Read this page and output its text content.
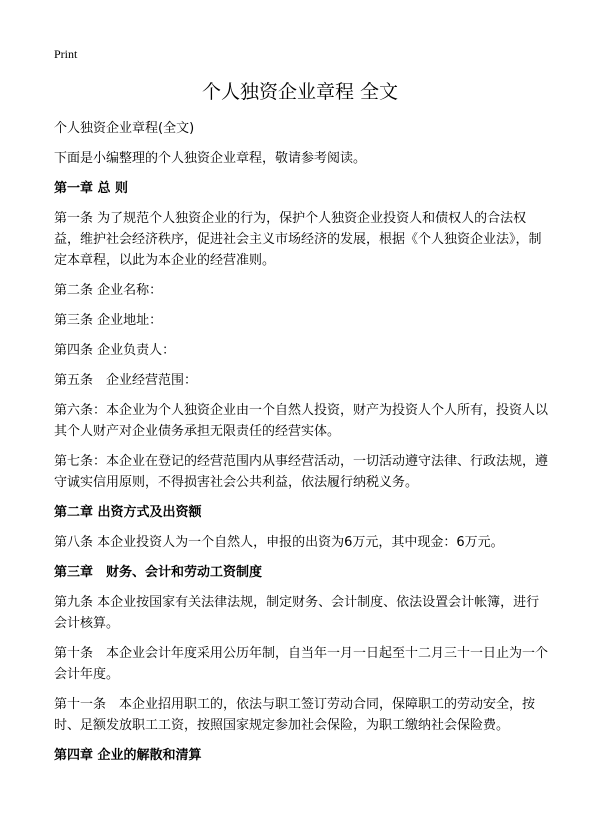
Print
个人独资企业章程 全文

个人独资企业章程(全文)

下面是小编整理的个人独资企业章程，敬请参考阅读。

第一章 总 则

第一条 为了规范个人独资企业的行为，保护个人独资企业投资人和债权人的合法权益，维护社会经济秩序，促进社会主义市场经济的发展，根据《个人独资企业法》，制定本章程，以此为本企业的经营准则。

第二条 企业名称：

第三条 企业地址：

第四条 企业负责人：

第五条　企业经营范围：

第六条：本企业为个人独资企业由一个自然人投资，财产为投资人个人所有，投资人以其个人财产对企业债务承担无限责任的经营实体。

第七条：本企业在登记的经营范围内从事经营活动，一切活动遵守法律、行政法规，遵守诚实信用原则，不得损害社会公共利益，依法履行纳税义务。

第二章 出资方式及出资额

第八条 本企业投资人为一个自然人，申报的出资为6万元，其中现金：6万元。

第三章　财务、会计和劳动工资制度

第九条 本企业按国家有关法律法规，制定财务、会计制度、依法设置会计帐簿，进行会计核算。

第十条　本企业会计年度采用公历年制，自当年一月一日起至十二月三十一日止为一个会计年度。

第十一条　本企业招用职工的，依法与职工签订劳动合同，保障职工的劳动安全，按时、足额发放职工工资，按照国家规定参加社会保险，为职工缴纳社会保险费。

第四章 企业的解散和清算
